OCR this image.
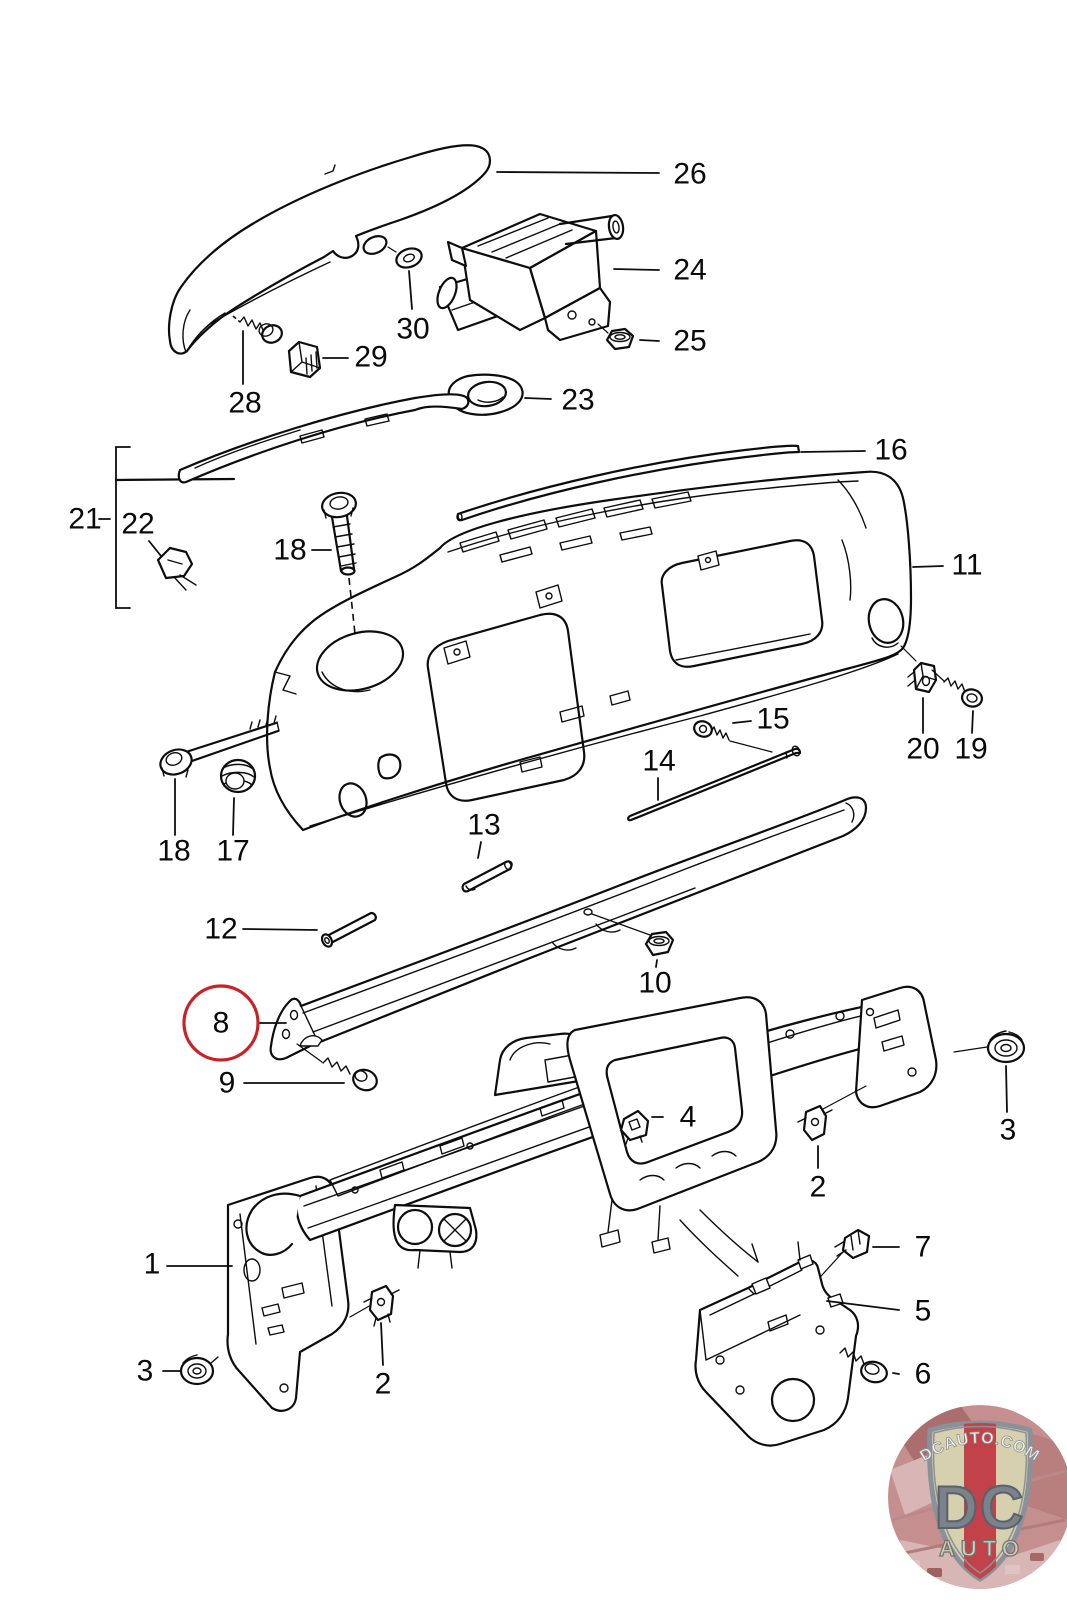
26
24
25
30
29
28	23
16
21 22
18	11
15
14	20 19
18 17
13
12
10
8
9
4
2
3
1
7
5
6
2
3
DCAUTO.COM
DC
AUTO
